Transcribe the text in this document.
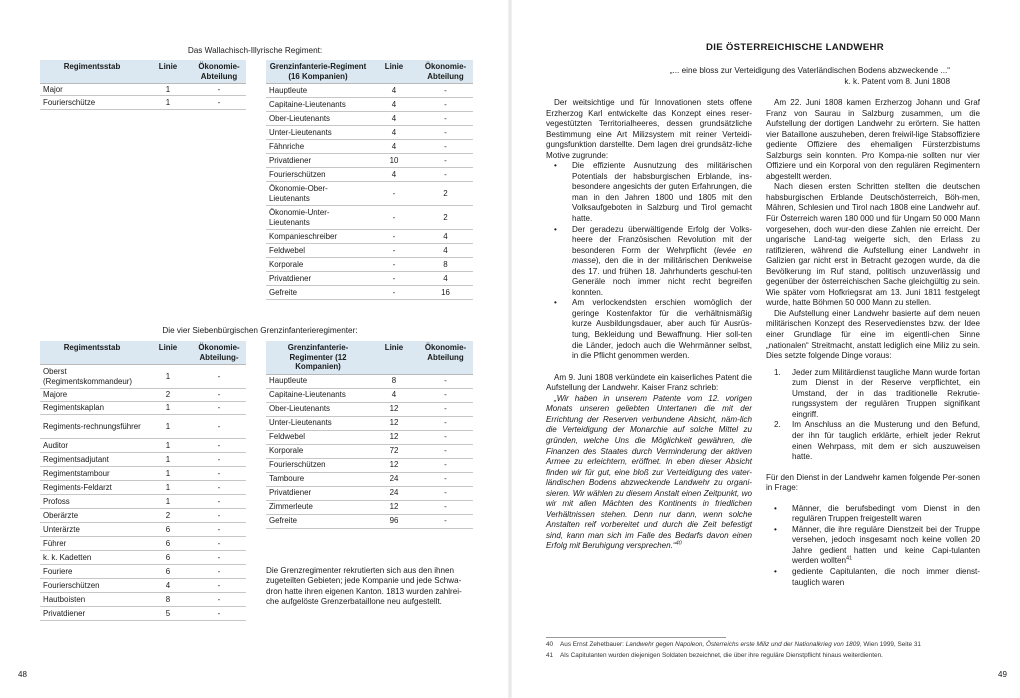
Das Wallachisch-Illyrische Regiment:
Regimentsstab	Linie	Ökonomie-Abteilung
Major	1	-
Fourierschütze	1	-
Grenzinfanterie-Regiment (16 Kompanien)	Linie	Ökonomie-Abteilung
Hauptleute	4	-
Capitaine-Lieutenants	4	-
Ober-Lieutenants	4	-
Unter-Lieutenants	4	-
Fähnriche	4	-
Privatdiener	10	-
Fourierschützen	4	-
Ökonomie-Ober-Lieutenants	-	2
Ökonomie-Unter-Lieutenants	-	2
Kompanieschreiber	-	4
Feldwebel	-	4
Korporale	-	8
Privatdiener	-	4
Gefreite	-	16
Die vier Siebenbürgischen Grenzinfanterieregimenter:
Regimentsstab	Linie	Ökonomie-Abteilung-
Oberst (Regimentskommandeur)	1	-
Majore	2	-
Regimentskaplan	1	-
Regiments-rechnungsführer	1	-
Auditor	1	-
Regimentsadjutant	1	-
Regimentstambour	1	-
Regiments-Feldarzt	1	-
Profoss	1	-
Oberärzte	2	-
Unterärzte	6	-
Führer	6	-
k. k. Kadetten	6	-
Fouriere	6	-
Fourierschützen	4	-
Hautboisten	8	-
Privatdiener	5	-
Grenzinfanterie-Regimenter (12 Kompanien)	Linie	Ökonomie-Abteilung
Hauptleute	8	-
Capitaine-Lieutenants	4	-
Ober-Lieutenants	12	-
Unter-Lieutenants	12	-
Feldwebel	12	-
Korporale	72	-
Fourierschützen	12	-
Tamboure	24	-
Privatdiener	24	-
Zimmerleute	12	-
Gefreite	96	-
Die Grenzregimenter rekrutierten sich aus den ihnen
zugeteilten Gebieten; jede Kompanie und jede Schwa-
dron hatte ihren eigenen Kanton. 1813 wurden zahlrei-
che aufgelöste Grenzerbataillone neu aufgestellt.
48
DIE ÖSTERREICHISCHE LANDWEHR
„... eine bloss zur Verteidigung des Vaterländischen Bodens abzweckende ...“
k. k. Patent vom 8. Juni 1808

Der weitsichtige und für Innovationen stets offene Erzherzog Karl entwickelte das Konzept eines reser-vegestützten Territorialheeres, dessen grundsätzliche Bestimmung eine Art Milizsystem mit reiner Verteidi-gungsfunktion darstellte. Dem lagen drei grundsätz-liche Motive zugrunde:

• Die effiziente Ausnutzung des militärischen Potentials der habsburgischen Erblande, ins-besondere angesichts der guten Erfahrungen, die man in den Jahren 1800 und 1805 mit den Volksaufgeboten in Salzburg und Tirol gemacht hatte.
• Der geradezu überwältigende Erfolg der Volks-heere der Französischen Revolution mit der besonderen Form der Wehrpflicht (levée en masse), den die in der militärischen Denkweise des 17. und frühen 18. Jahrhunderts geschul-ten Generäle noch immer nicht recht begreifen konnten.
• Am verlockendsten erschien womöglich der geringe Kostenfaktor für die verhältnismäßig kurze Ausbildungsdauer, aber auch für Ausrüs-tung, Bekleidung und Bewaffnung. Hier soll-ten die Länder, jedoch auch die Wehrmänner selbst, in die Pflicht genommen werden.

Am 9. Juni 1808 verkündete ein kaiserliches Patent die Aufstellung der Landwehr. Kaiser Franz schrieb:

„Wir haben in unserem Patente vom 12. vorigen Monats unseren geliebten Untertanen die mit der Errichtung der Reserven verbundene Absicht, näm-lich die Verteidigung der Monarchie auf solche Mittel zu gründen, welche Uns die Möglichkeit gewähren, die Finanzen des Staates durch Verminderung der aktiven Armee zu erleichtern, eröffnet. In eben dieser Absicht finden wir für gut, eine bloß zur Verteidigung des vater-ländischen Bodens abzweckende Landwehr zu organi-sieren. Wir wählen zu diesem Anstalt einen Zeitpunkt, wo wir mit allen Mächten des Kontinents in friedlichen Verhältnissen stehen. Denn nur dann, wenn solche Anstalten reif vorbereitet und durch die Zeit befestigt sind, kann man sich im Falle des Bedarfs davon einen Erfolg mit Beruhigung versprechen.“$^{40}$

Am 22. Juni 1808 kamen Erzherzog Johann und Graf Franz von Saurau in Salzburg zusammen, um die Aufstellung der dortigen Landwehr zu erörtern. Sie hatten vier Bataillone auszuheben, deren freiwil-lige Stabsoffiziere gediente Offiziere des ehemaligen Fürsterzbistums Salzburgs sein konnten. Pro Kompa-nie sollten nur vier Offiziere und ein Korporal von den regulären Regimentern abgestellt werden.

Nach diesen ersten Schritten stellten die deutschen habsburgischen Erblande Deutschösterreich, Böh-men, Mähren, Schlesien und Tirol nach 1808 eine Landwehr auf. Für Österreich waren 180 000 und für Ungarn 50 000 Mann vorgesehen, doch wur-den diese Zahlen nie erreicht. Der ungarische Land-tag weigerte sich, den Erlass zu ratifizieren, während die Aufstellung einer Landwehr in Galizien gar nicht erst in Betracht gezogen wurde, da die Bevölkerung im Ruf stand, politisch unzuverlässig und gegenüber der österreichischen Sache gleichgültig zu sein. Wie später vom Hofkriegsrat am 13. Juni 1811 festgelegt wurde, hatte Böhmen 50 000 Mann zu stellen.

Die Aufstellung einer Landwehr basierte auf dem neuen militärischen Konzept des Reservedienstes bzw. der Idee einer Grundlage für eine im eigentli-chen Sinne „nationalen“ Streitmacht, anstatt lediglich eine Miliz zu sein. Dies setzte folgende Dinge voraus:

1. Jeder zum Militärdienst taugliche Mann wurde fortan zum Dienst in der Reserve verpflichtet, ein Umstand, der in das traditionelle Rekrutie-rungssystem der regulären Truppen signifikant eingriff.
2. Im Anschluss an die Musterung und den Befund, der ihn für tauglich erklärte, erhielt jeder Rekrut einen Wehrpass, mit dem er sich auszuweisen hatte.

Für den Dienst in der Landwehr kamen folgende Per-sonen in Frage:

• Männer, die berufsbedingt vom Dienst in den regulären Truppen freigestellt waren
• Männer, die ihre reguläre Dienstzeit bei der Truppe versehen, jedoch insgesamt noch keine vollen 20 Jahre gedient hatten und keine Capi-tulanten werden wollten$^{41}$
• gediente Capitulanten, die noch immer dienst-tauglich waren
40 Aus Ernst Zehetbauer: Landwehr gegen Napoleon, Österreichs erste Miliz und der Nationalkrieg von 1809, Wien 1999, Seite 31
41 Als Capitulanten wurden diejenigen Soldaten bezeichnet, die über ihre reguläre Dienstpflicht hinaus weiterdienten.
49
